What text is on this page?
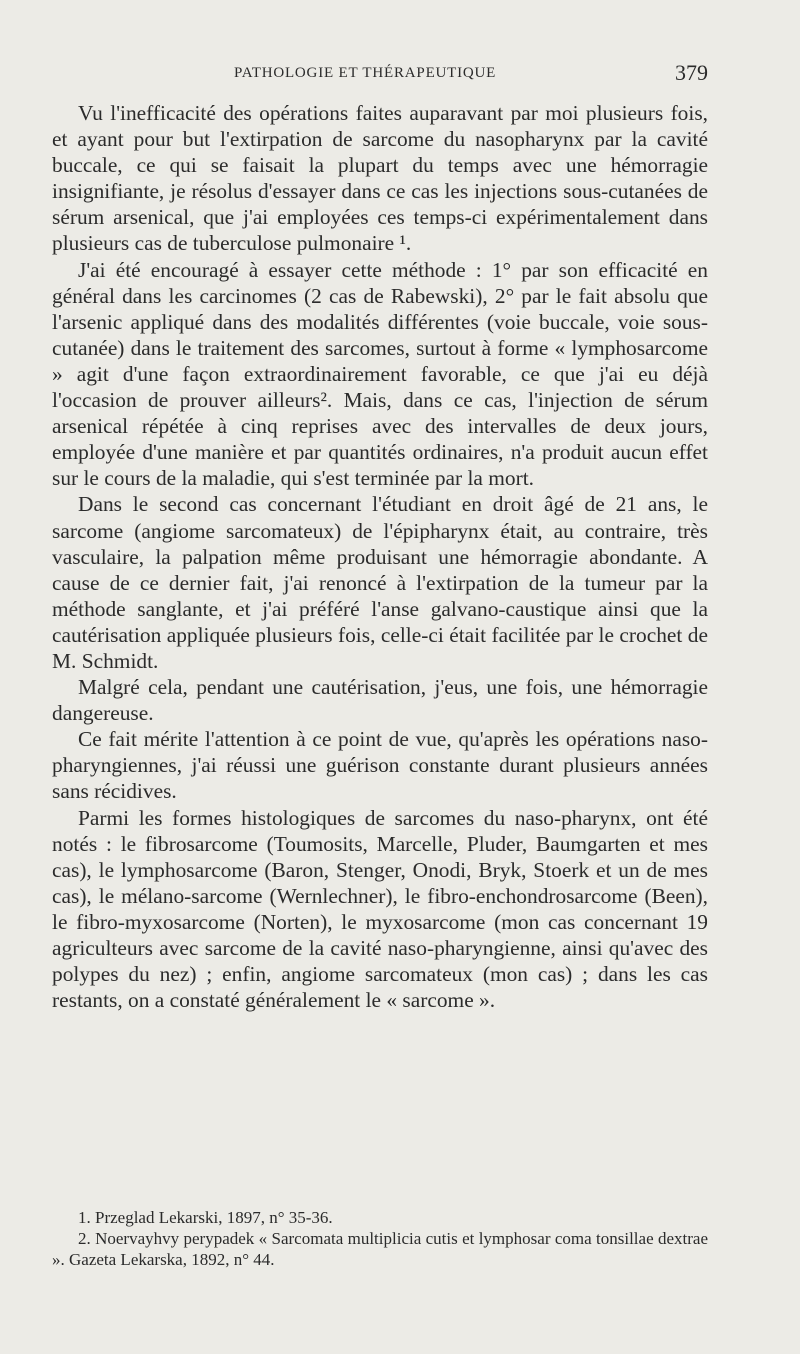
PATHOLOGIE ET THÉRAPEUTIQUE	379

Vu l'inefficacité des opérations faites auparavant par moi plusieurs fois, et ayant pour but l'extirpation de sarcome du nasopharynx par la cavité buccale, ce qui se faisait la plupart du temps avec une hémorragie insignifiante, je résolus d'essayer dans ce cas les injections sous-cutanées de sérum arsenical, que j'ai employées ces temps-ci expérimentalement dans plusieurs cas de tuberculose pulmonaire ¹.

J'ai été encouragé à essayer cette méthode : 1° par son efficacité en général dans les carcinomes (2 cas de Rabewski), 2° par le fait absolu que l'arsenic appliqué dans des modalités différentes (voie buccale, voie sous-cutanée) dans le traitement des sarcomes, surtout à forme « lymphosarcome » agit d'une façon extraordinairement favorable, ce que j'ai eu déjà l'occasion de prouver ailleurs². Mais, dans ce cas, l'injection de sérum arsenical répétée à cinq reprises avec des intervalles de deux jours, employée d'une manière et par quantités ordinaires, n'a produit aucun effet sur le cours de la maladie, qui s'est terminée par la mort.

Dans le second cas concernant l'étudiant en droit âgé de 21 ans, le sarcome (angiome sarcomateux) de l'épipharynx était, au contraire, très vasculaire, la palpation même produisant une hémorragie abondante. A cause de ce dernier fait, j'ai renoncé à l'extirpation de la tumeur par la méthode sanglante, et j'ai préféré l'anse galvano-caustique ainsi que la cautérisation appliquée plusieurs fois, celle-ci était facilitée par le crochet de M. Schmidt.

Malgré cela, pendant une cautérisation, j'eus, une fois, une hémorragie dangereuse.

Ce fait mérite l'attention à ce point de vue, qu'après les opérations naso-pharyngiennes, j'ai réussi une guérison constante durant plusieurs années sans récidives.

Parmi les formes histologiques de sarcomes du naso-pharynx, ont été notés : le fibrosarcome (Toumosits, Marcelle, Pluder, Baumgarten et mes cas), le lymphosarcome (Baron, Stenger, Onodi, Bryk, Stoerk et un de mes cas), le mélano-sarcome (Wernlechner), le fibro-enchondrosarcome (Been), le fibro-myxosarcome (Norten), le myxosarcome (mon cas concernant 19 agriculteurs avec sarcome de la cavité naso-pharyngienne, ainsi qu'avec des polypes du nez) ; enfin, angiome sarcomateux (mon cas) ; dans les cas restants, on a constaté généralement le « sarcome ».

1. Przeglad Lekarski, 1897, n° 35-36.

2. Noervayhvy perypadek « Sarcomata multiplicia cutis et lymphosar coma tonsillae dextrae ». Gazeta Lekarska, 1892, n° 44.
